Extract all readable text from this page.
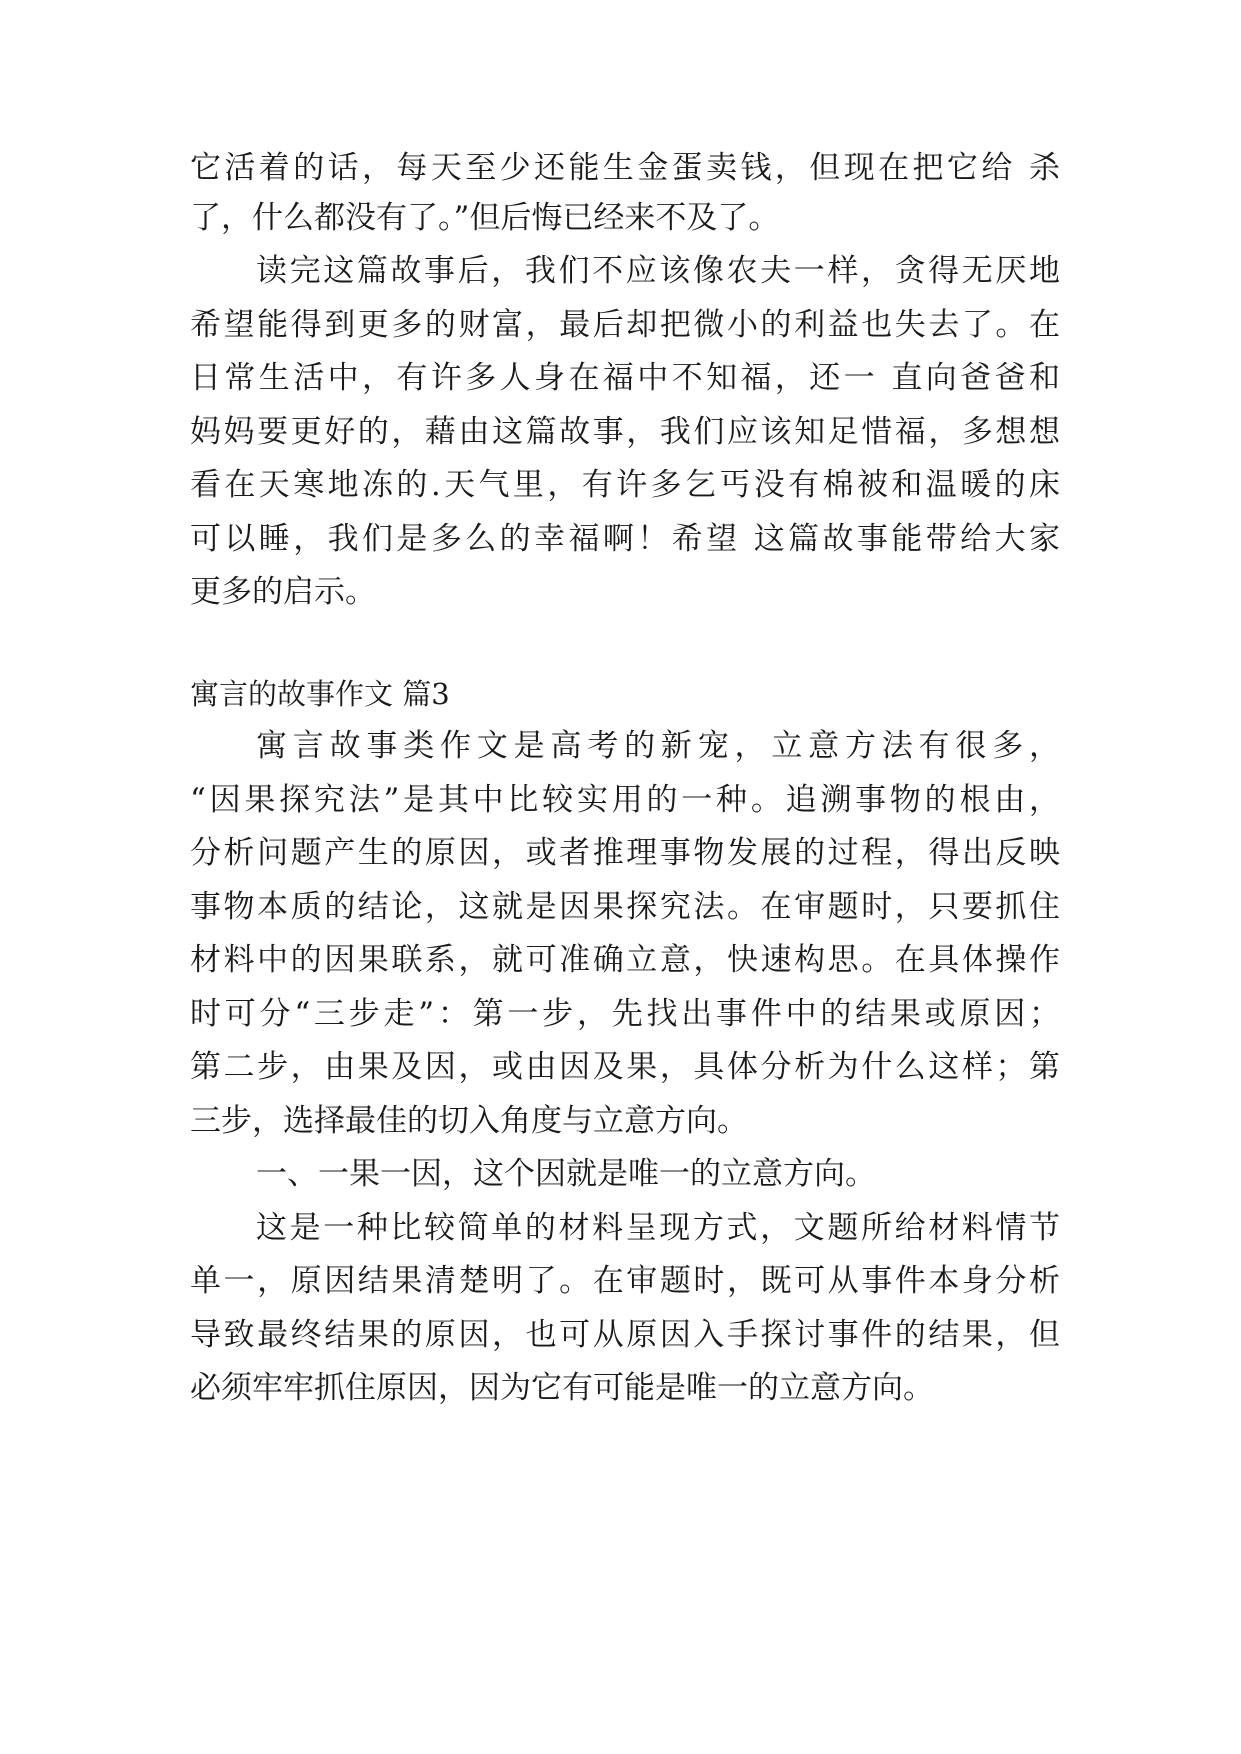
它活着的话，每天至少还能生金蛋卖钱，但现在把它给 杀
了，什么都没有了。”但后悔已经来不及了。
读完这篇故事后，我们不应该像农夫一样，贪得无厌地
希望能得到更多的财富，最后却把微小的利益也失去了。在
日常生活中，有许多人身在福中不知福，还一 直向爸爸和
妈妈要更好的，藉由这篇故事，我们应该知足惜福，多想想
看在天寒地冻的.天气里，有许多乞丐没有棉被和温暖的床
可以睡，我们是多么的幸福啊！希望 这篇故事能带给大家
更多的启示。
寓言的故事作文 篇3
寓言故事类作文是高考的新宠，立意方法有很多，
“因果探究法”是其中比较实用的一种。追溯事物的根由，
分析问题产生的原因，或者推理事物发展的过程，得出反映
事物本质的结论，这就是因果探究法。在审题时，只要抓住
材料中的因果联系，就可准确立意，快速构思。在具体操作
时可分“三步走”：第一步，先找出事件中的结果或原因；
第二步，由果及因，或由因及果，具体分析为什么这样；第
三步，选择最佳的切入角度与立意方向。
一、一果一因，这个因就是唯一的立意方向。
这是一种比较简单的材料呈现方式，文题所给材料情节
单一，原因结果清楚明了。在审题时，既可从事件本身分析
导致最终结果的原因，也可从原因入手探讨事件的结果，但
必须牢牢抓住原因，因为它有可能是唯一的立意方向。
